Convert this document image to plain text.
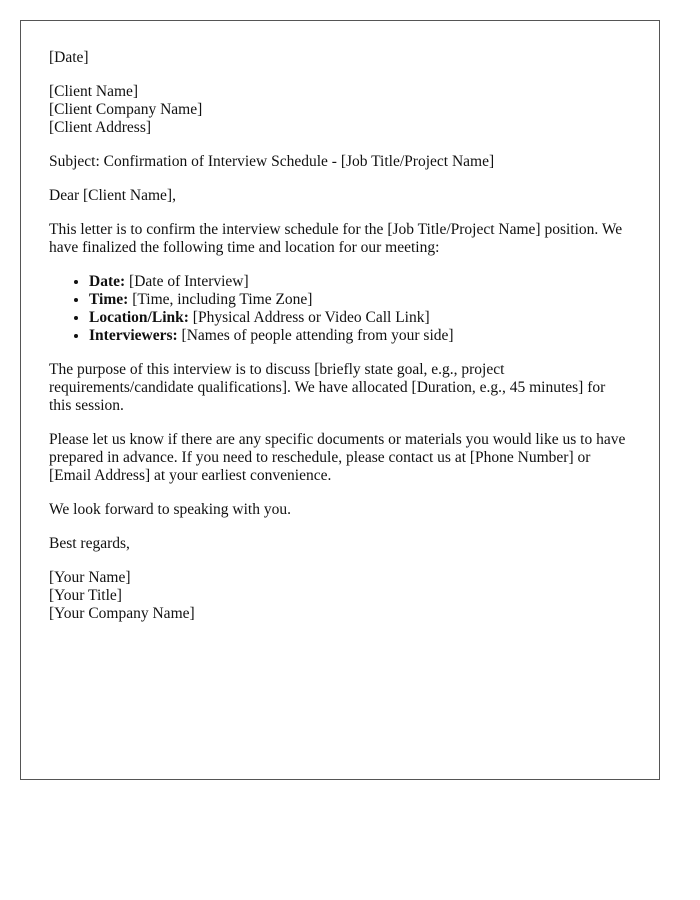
[Date]

[Client Name]
[Client Company Name]
[Client Address]

Subject: Confirmation of Interview Schedule - [Job Title/Project Name]

Dear [Client Name],

This letter is to confirm the interview schedule for the [Job Title/Project Name] position. We have finalized the following time and location for our meeting:

• Date: [Date of Interview]
• Time: [Time, including Time Zone]
• Location/Link: [Physical Address or Video Call Link]
• Interviewers: [Names of people attending from your side]

The purpose of this interview is to discuss [briefly state goal, e.g., project requirements/candidate qualifications]. We have allocated [Duration, e.g., 45 minutes] for this session.

Please let us know if there are any specific documents or materials you would like us to have prepared in advance. If you need to reschedule, please contact us at [Phone Number] or [Email Address] at your earliest convenience.

We look forward to speaking with you.

Best regards,

[Your Name]
[Your Title]
[Your Company Name]
